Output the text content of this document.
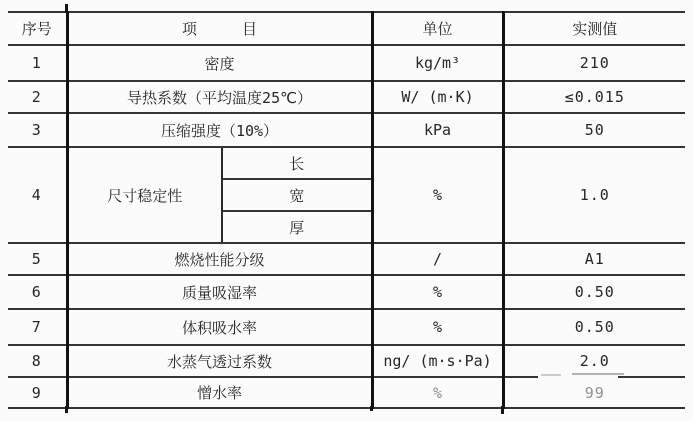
序号	项　　　目		单位	实测值
1	密度		kg/m³	210
2	导热系数（平均温度25℃）		W/ (m·K)	≤0.015
3	压缩强度（10%）		kPa	50
4	尺寸稳定性	长	%	1.0
		宽		
		厚		
5	燃烧性能分级		/	A1
6	质量吸湿率		%	0.50
7	体积吸水率		%	0.50
8	水蒸气透过系数		ng/ (m·s·Pa)	2.0
9	憎水率		%	99
